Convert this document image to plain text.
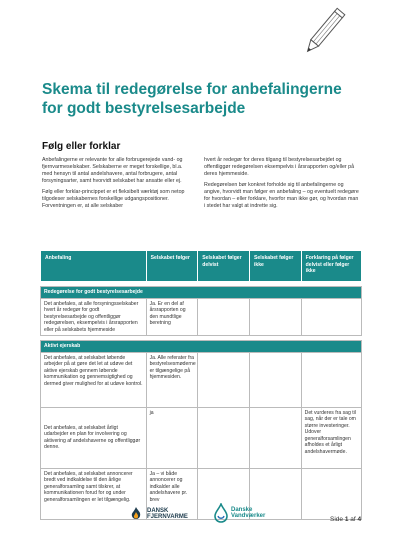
Skema til redegørelse for anbefalingerne
for godt bestyrelsesarbejde
Følg eller forklar

Anbefalingerne er relevante for alle forbrugerejede vand- og fjernvarmeselskaber. Selskaberne er meget forskellige, bl.a. med hensyn til antal andelshavere, antal forbrugere, antal forsyningsarter, samt hvorvidt selskabet har ansatte eller ej.

Følg eller forklar-princippet er et fleksibelt værktøj som netop tilgodeser selskabernes forskellige udgangspositioner. Forventningen er, at alle selskaber

hvert år redegør for deres tilgang til bestyrelsesarbejdet og offentliggør redegørelsen eksempelvis i årsrapporten og/eller på deres hjemmeside.

Redegørelsen bør konkret forholde sig til anbefalingerne og angive, hvorvidt man følger en anbefaling – og eventuelt redegøre for hvordan – eller forklare, hvorfor man ikke gør, og hvordan man i stedet har valgt at indrette sig.

Anbefaling	Selskabet følger	Selskabet følger delvist	Selskabet følger ikke	Forklaring på følger delvist eller følger ikke

Redegørelse for godt bestyrelsesarbejde				
Det anbefales, at alle forsyningsselskaber hvert år redegør for godt bestyrelsesarbejde og offentliggør redegørelsen, eksempelvis i årsrapporten eller på selskabets hjemmeside	Ja. Er en del af årsrapporten og den mundtlige beretning			

Aktivt ejerskab				
Det anbefales, at selskabet løbende arbejder på at gøre det let at udøve det aktive ejerskab gennem løbende kommunikation og gennemsigtighed og dermed giver mulighed for at udøve kontrol.	Ja. Alle referater fra bestyrelsesmøderne er tilgængelige på hjemmesiden.			
Det anbefales, at selskabet årligt udarbejder en plan for involvering og aktivering af andelshaverne og offentliggør denne.	ja			Det vurderes fra sag til sag, når der er tale om større investeringer. Udover generalforsamlingen afholdes et årligt andelshavermøde.
Det anbefales, at selskabet annoncerer bredt ved indkaldelse til den årlige generalforsamling samt tilskrer, at kommunikationen forud for og under generalforsamlingen er let tilgængelig.	Ja – vi både annoncerer og indkalder alle andelshavere pr. brev			
DANSK
FJERNVARME
Danske
Vandværker	Side 1 af 4
